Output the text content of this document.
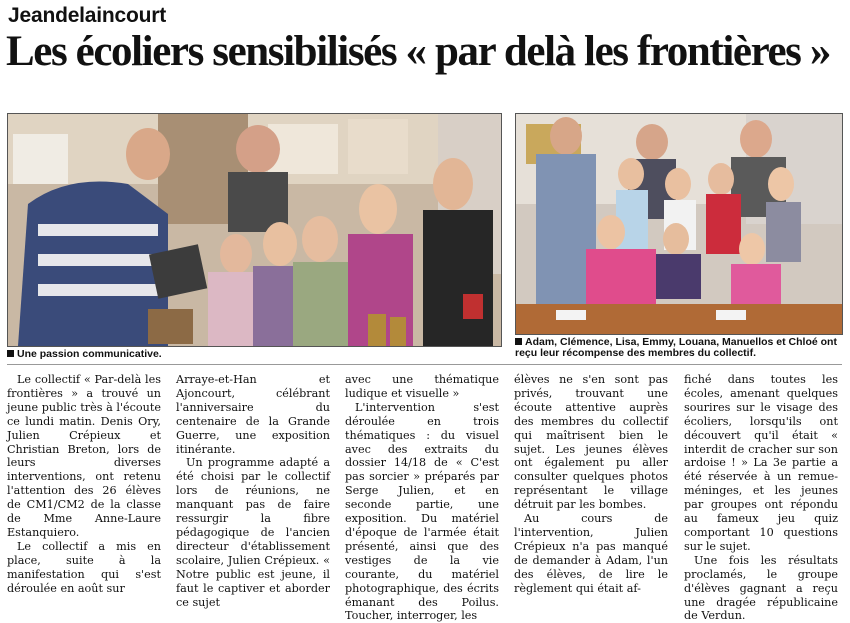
Jeandelaincourt
Les écoliers sensibilisés « par delà les frontières »
Une passion communicative.
Adam, Clémence, Lisa, Emmy, Louana, Manuellos et Chloé ont reçu leur récompense des membres du collectif.

Le collectif « Par-delà les frontières » a trouvé un jeune public très à l'écoute ce lundi matin. Denis Ory, Julien Crépieux et Christian Breton, lors de leurs diverses interventions, ont retenu l'attention des 26 élèves de CM1/CM2 de la classe de Mme Anne-Laure Estanquiero.

Le collectif a mis en place, suite à la manifestation qui s'est déroulée en août sur

Arraye-et-Han et Ajoncourt, célébrant l'anniversaire du centenaire de la Grande Guerre, une exposition itinérante.

Un programme adapté a été choisi par le collectif lors de réunions, ne manquant pas de faire ressurgir la fibre pédagogique de l'ancien directeur d'établissement scolaire, Julien Crépieux. « Notre public est jeune, il faut le captiver et aborder ce sujet

avec une thématique ludique et visuelle »

L'intervention s'est déroulée en trois thématiques : du visuel avec des extraits du dossier 14/18 de « C'est pas sorcier » préparés par Serge Julien, et en seconde partie, une exposition. Du matériel d'époque de l'armée était présenté, ainsi que des vestiges de la vie courante, du matériel photographique, des écrits émanant des Poilus. Toucher, interroger, les

élèves ne s'en sont pas privés, trouvant une écoute attentive auprès des membres du collectif qui maîtrisent bien le sujet. Les jeunes élèves ont également pu aller consulter quelques photos représentant le village détruit par les bombes.

Au cours de l'intervention, Julien Crépieux n'a pas manqué de demander à Adam, l'un des élèves, de lire le règlement qui était af-

fiché dans toutes les écoles, amenant quelques sourires sur le visage des écoliers, lorsqu'ils ont découvert qu'il était « interdit de cracher sur son ardoise ! » La 3e partie a été réservée à un remue-méninges, et les jeunes par groupes ont répondu au fameux jeu quiz comportant 10 questions sur le sujet.

Une fois les résultats proclamés, le groupe d'élèves gagnant a reçu une dragée républicaine de Verdun.
